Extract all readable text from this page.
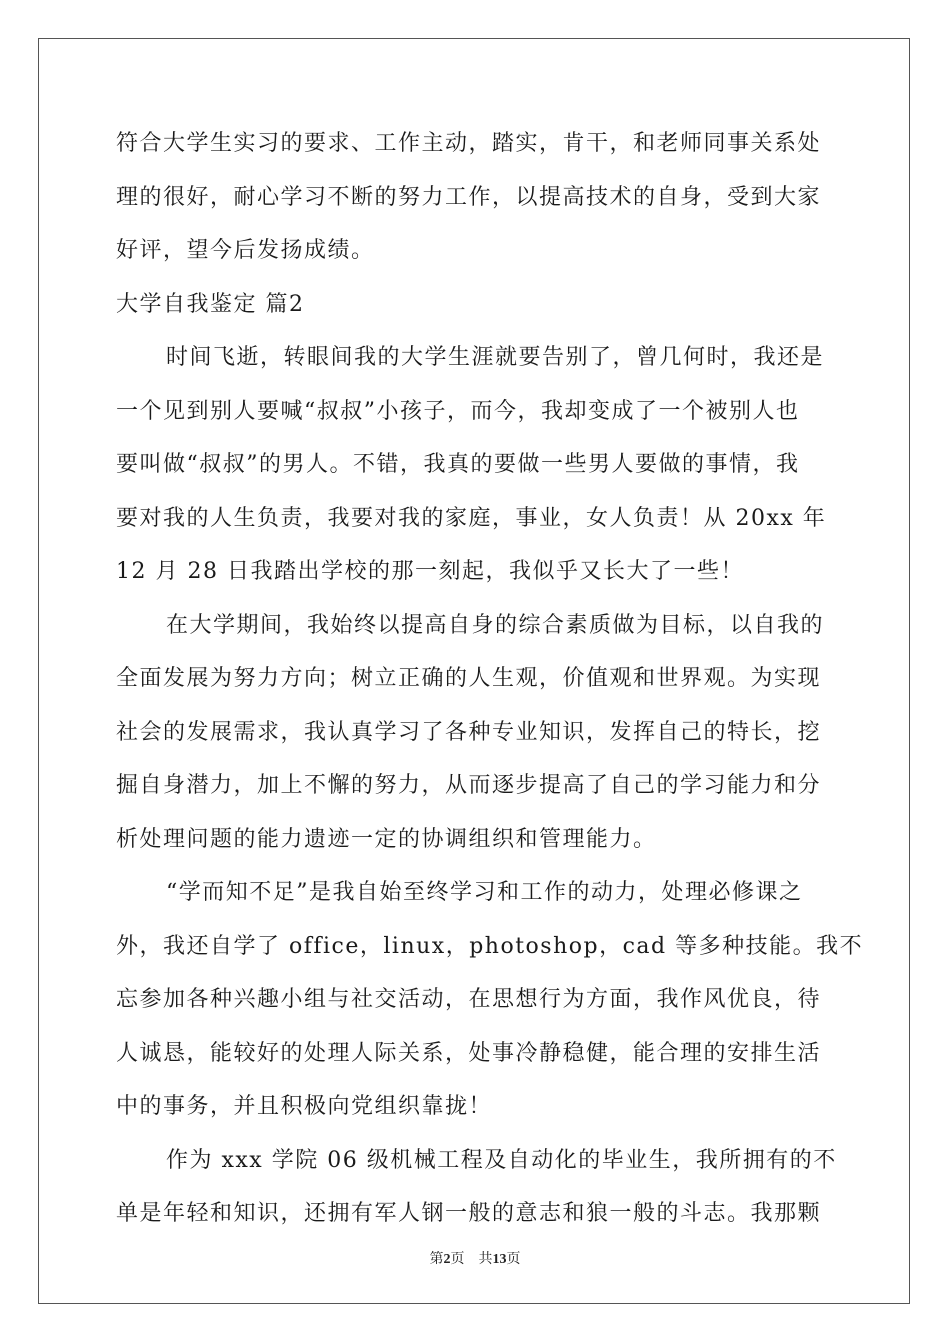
符合大学生实习的要求、工作主动，踏实，肯干，和老师同事关系处
理的很好，耐心学习不断的努力工作，以提高技术的自身，受到大家
好评，望今后发扬成绩。
大学自我鉴定 篇2
时间飞逝，转眼间我的大学生涯就要告别了，曾几何时，我还是
一个见到别人要喊“叔叔”小孩子，而今，我却变成了一个被别人也
要叫做“叔叔”的男人。不错，我真的要做一些男人要做的事情，我
要对我的人生负责，我要对我的家庭，事业，女人负责！从 20xx 年
12 月 28 日我踏出学校的那一刻起，我似乎又长大了一些！
在大学期间，我始终以提高自身的综合素质做为目标，以自我的
全面发展为努力方向；树立正确的人生观，价值观和世界观。为实现
社会的发展需求，我认真学习了各种专业知识，发挥自己的特长，挖
掘自身潜力，加上不懈的努力，从而逐步提高了自己的学习能力和分
析处理问题的能力遗迹一定的协调组织和管理能力。
“学而知不足”是我自始至终学习和工作的动力，处理必修课之
外，我还自学了 office，linux，photoshop，cad 等多种技能。我不
忘参加各种兴趣小组与社交活动，在思想行为方面，我作风优良，待
人诚恳，能较好的处理人际关系，处事冷静稳健，能合理的安排生活
中的事务，并且积极向党组织靠拢！
作为 xxx 学院 06 级机械工程及自动化的毕业生，我所拥有的不
单是年轻和知识，还拥有军人钢一般的意志和狼一般的斗志。我那颗
第2页　共13页
